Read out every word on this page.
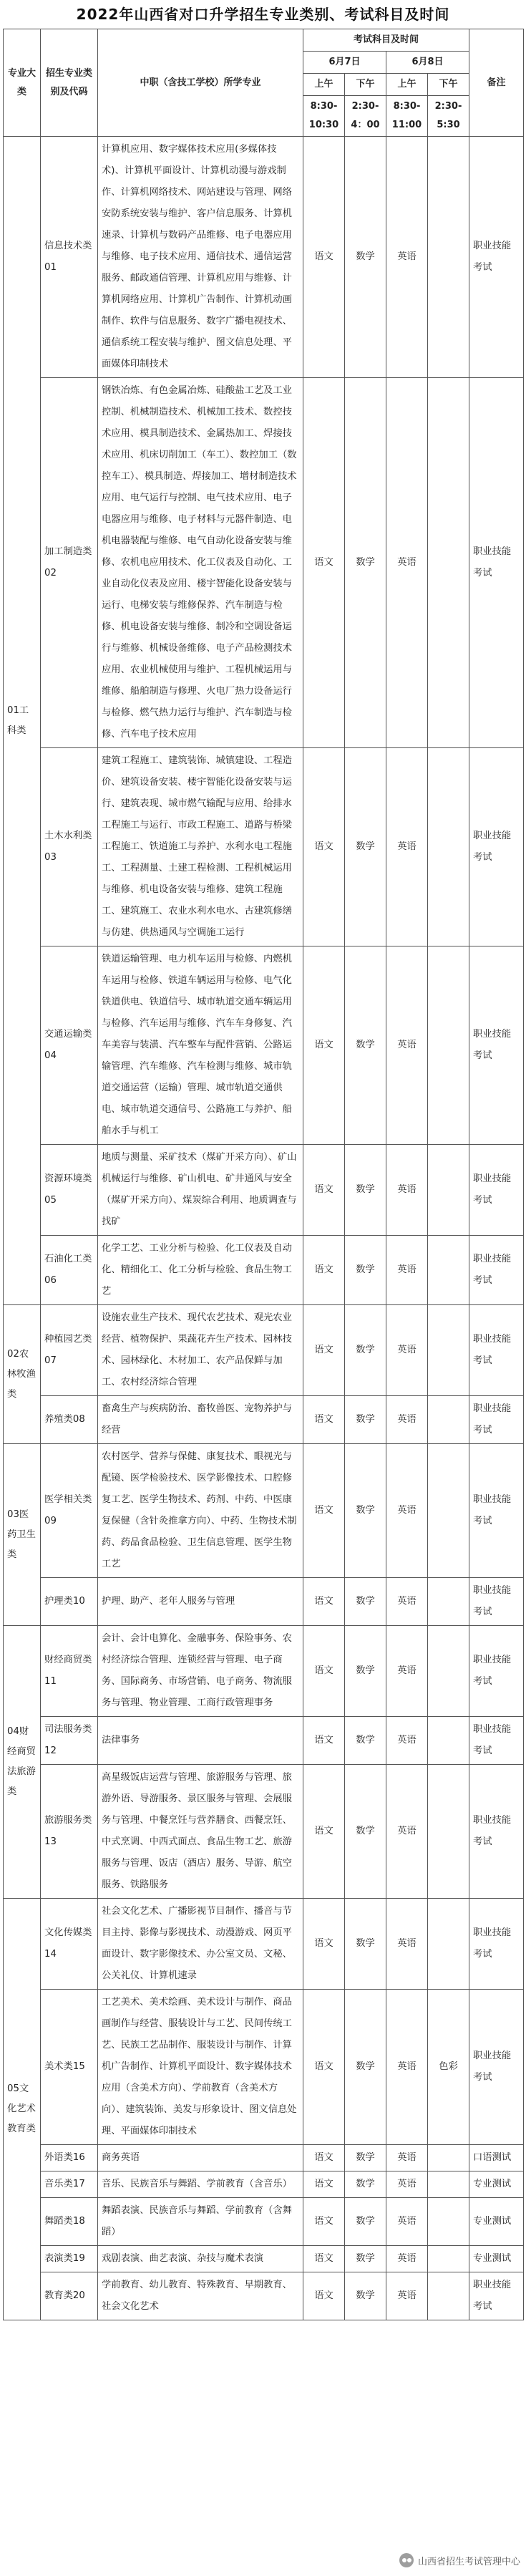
2022年山西省对口升学招生专业类别、考试科目及时间
专业大类	招生专业类别及代码	中职（含技工学校）所学专业	考试科目及时间				备注
			6月7日		6月8日		
			上午	下午	上午	下午	
			8:30-10:30	2:30-4：00	8:30-11:00	2:30-5:30	
01工科类	信息技术类01	计算机应用、数字媒体技术应用(多媒体技术)、计算机平面设计、计算机动漫与游戏制作、计算机网络技术、网站建设与管理、网络安防系统安装与维护、客户信息服务、计算机速录、计算机与数码产品维修、电子电器应用与维修、电子技术应用、通信技术、通信运营服务、邮政通信管理、计算机应用与维修、计算机网络应用、计算机广告制作、计算机动画制作、软件与信息服务、数字广播电视技术、通信系统工程安装与维护、图文信息处理、平面媒体印制技术	语文	数学	英语		职业技能考试
	加工制造类02	钢铁冶炼、有色金属冶炼、硅酸盐工艺及工业控制、机械制造技术、机械加工技术、数控技术应用、模具制造技术、金属热加工、焊接技术应用、机床切削加工（车工）、数控加工（数控车工）、模具制造、焊接加工、增材制造技术应用、电气运行与控制、电气技术应用、电子电器应用与维修、电子材料与元器件制造、电机电器装配与维修、电气自动化设备安装与维修、农机电应用技术、化工仪表及自动化、工业自动化仪表及应用、楼宇智能化设备安装与运行、电梯安装与维修保养、汽车制造与检修、机电设备安装与维修、制冷和空调设备运行与维修、机械设备维修、电子产品检测技术应用、农业机械使用与维护、工程机械运用与维修、船舶制造与修理、火电厂热力设备运行与检修、燃气热力运行与维护、汽车制造与检修、汽车电子技术应用	语文	数学	英语		职业技能考试
	土木水利类03	建筑工程施工、建筑装饰、城镇建设、工程造价、建筑设备安装、楼宇智能化设备安装与运行、建筑表现、城市燃气输配与应用、给排水工程施工与运行、市政工程施工、道路与桥梁工程施工、铁道施工与养护、水利水电工程施工、工程测量、土建工程检测、工程机械运用与维修、机电设备安装与维修、建筑工程施工、建筑施工、农业水利水电水、古建筑修缮与仿建、供热通风与空调施工运行	语文	数学	英语		职业技能考试
	交通运输类04	铁道运输管理、电力机车运用与检修、内燃机车运用与检修、铁道车辆运用与检修、电气化铁道供电、铁道信号、城市轨道交通车辆运用与检修、汽车运用与维修、汽车车身修复、汽车美容与装潢、汽车整车与配件营销、公路运输管理、汽车维修、汽车检测与维修、城市轨道交通运营（运输）管理、城市轨道交通供电、城市轨道交通信号、公路施工与养护、船舶水手与机工	语文	数学	英语		职业技能考试
	资源环境类05	地质与测量、采矿技术（煤矿开采方向）、矿山机械运行与维修、矿山机电、矿井通风与安全（煤矿开采方向）、煤炭综合利用、地质调查与找矿	语文	数学	英语		职业技能考试
	石油化工类06	化学工艺、工业分析与检验、化工仪表及自动化、精细化工、化工分析与检验、食品生物工艺	语文	数学	英语		职业技能考试
02农林牧渔类	种植园艺类07	设施农业生产技术、现代农艺技术、观光农业经营、植物保护、果蔬花卉生产技术、园林技术、园林绿化、木材加工、农产品保鲜与加工、农村经济综合管理	语文	数学	英语		职业技能考试
	养殖类08	畜禽生产与疾病防治、畜牧兽医、宠物养护与经营	语文	数学	英语		职业技能考试
03医药卫生类	医学相关类09	农村医学、营养与保健、康复技术、眼视光与配镜、医学检验技术、医学影像技术、口腔修复工艺、医学生物技术、药剂、中药、中医康复保健（含针灸推拿方向）、中药、生物技术制药、药品食品检验、卫生信息管理、医学生物工艺	语文	数学	英语		职业技能考试
	护理类10	护理、助产、老年人服务与管理	语文	数学	英语		职业技能考试
04财经商贸法旅游类	财经商贸类11	会计、会计电算化、金融事务、保险事务、农村经济综合管理、连锁经营与管理、电子商务、国际商务、市场营销、电子商务、物流服务与管理、物业管理、工商行政管理事务	语文	数学	英语		职业技能考试
	司法服务类12	法律事务	语文	数学	英语		职业技能考试
	旅游服务类13	高星级饭店运营与管理、旅游服务与管理、旅游外语、导游服务、景区服务与管理、会展服务与管理、中餐烹饪与营养膳食、西餐烹饪、中式烹调、中西式面点、食品生物工艺、旅游服务与管理、饭店（酒店）服务、导游、航空服务、铁路服务	语文	数学	英语		职业技能考试
05文化艺术教育类	文化传媒类14	社会文化艺术、广播影视节目制作、播音与节目主持、影像与影视技术、动漫游戏、网页平面设计、数字影像技术、办公室文员、文秘、公关礼仪、计算机速录	语文	数学	英语		职业技能考试
	美术类15	工艺美术、美术绘画、美术设计与制作、商品画制作与经营、服装设计与工艺、民间传统工艺、民族工艺品制作、服装设计与制作、计算机广告制作、计算机平面设计、数字媒体技术应用（含美术方向）、学前教育（含美术方向）、建筑装饰、美发与形象设计、图文信息处理、平面媒体印制技术	语文	数学	英语	色彩	职业技能考试
	外语类16	商务英语	语文	数学	英语		口语测试
	音乐类17	音乐、民族音乐与舞蹈、学前教育（含音乐）	语文	数学	英语		专业测试
	舞蹈类18	舞蹈表演、民族音乐与舞蹈、学前教育（含舞蹈）	语文	数学	英语		专业测试
	表演类19	戏剧表演、曲艺表演、杂技与魔术表演	语文	数学	英语		专业测试
	教育类20	学前教育、幼儿教育、特殊教育、早期教育、社会文化艺术	语文	数学	英语		职业技能考试
山西省招生考试管理中心
